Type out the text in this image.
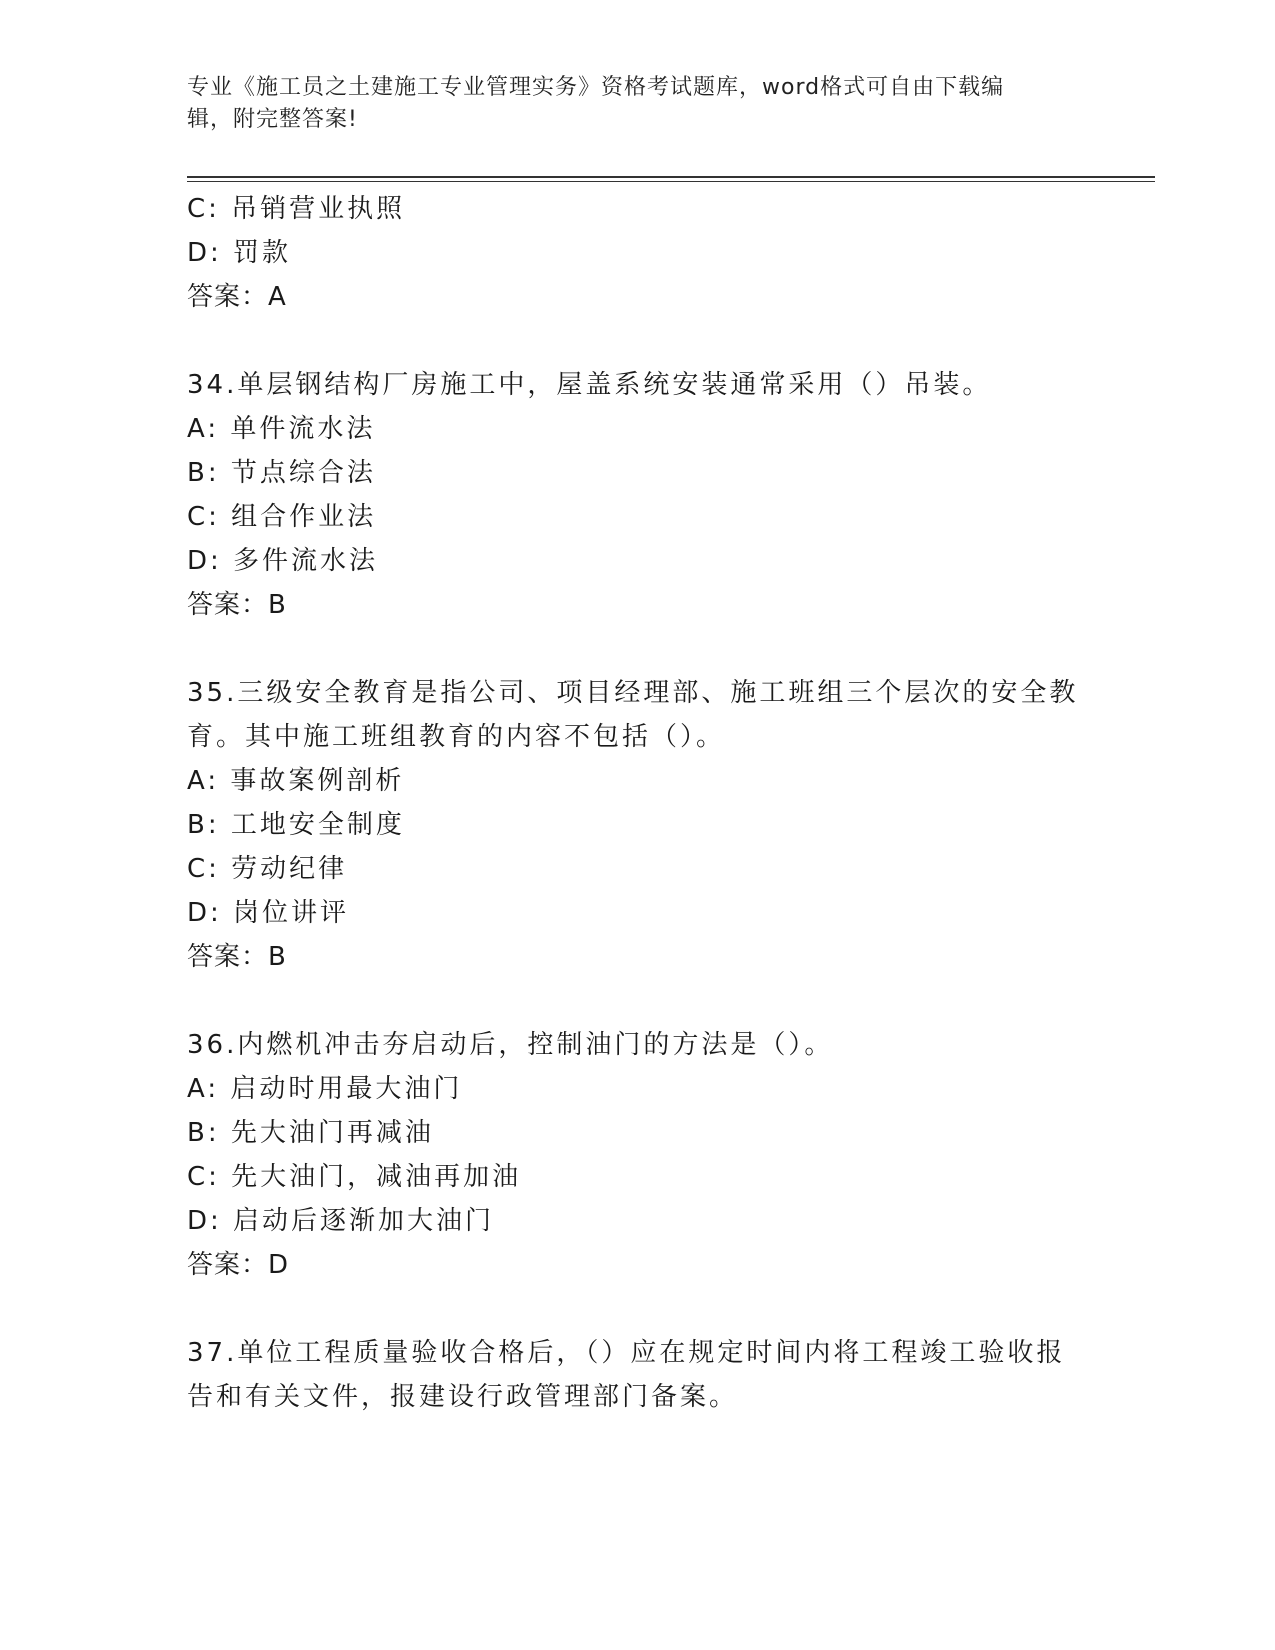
专业《施工员之土建施工专业管理实务》资格考试题库，word格式可自由下载编
辑，附完整答案!
C: 吊销营业执照
D: 罚款
答案：A
34.单层钢结构厂房施工中，屋盖系统安装通常采用（）吊装。
A: 单件流水法
B: 节点综合法
C: 组合作业法
D: 多件流水法
答案：B
35.三级安全教育是指公司、项目经理部、施工班组三个层次的安全教
育。其中施工班组教育的内容不包括（）。
A: 事故案例剖析
B: 工地安全制度
C: 劳动纪律
D: 岗位讲评
答案：B
36.内燃机冲击夯启动后，控制油门的方法是（）。
A: 启动时用最大油门
B: 先大油门再减油
C: 先大油门，减油再加油
D: 启动后逐渐加大油门
答案：D
37.单位工程质量验收合格后，（）应在规定时间内将工程竣工验收报
告和有关文件，报建设行政管理部门备案。
